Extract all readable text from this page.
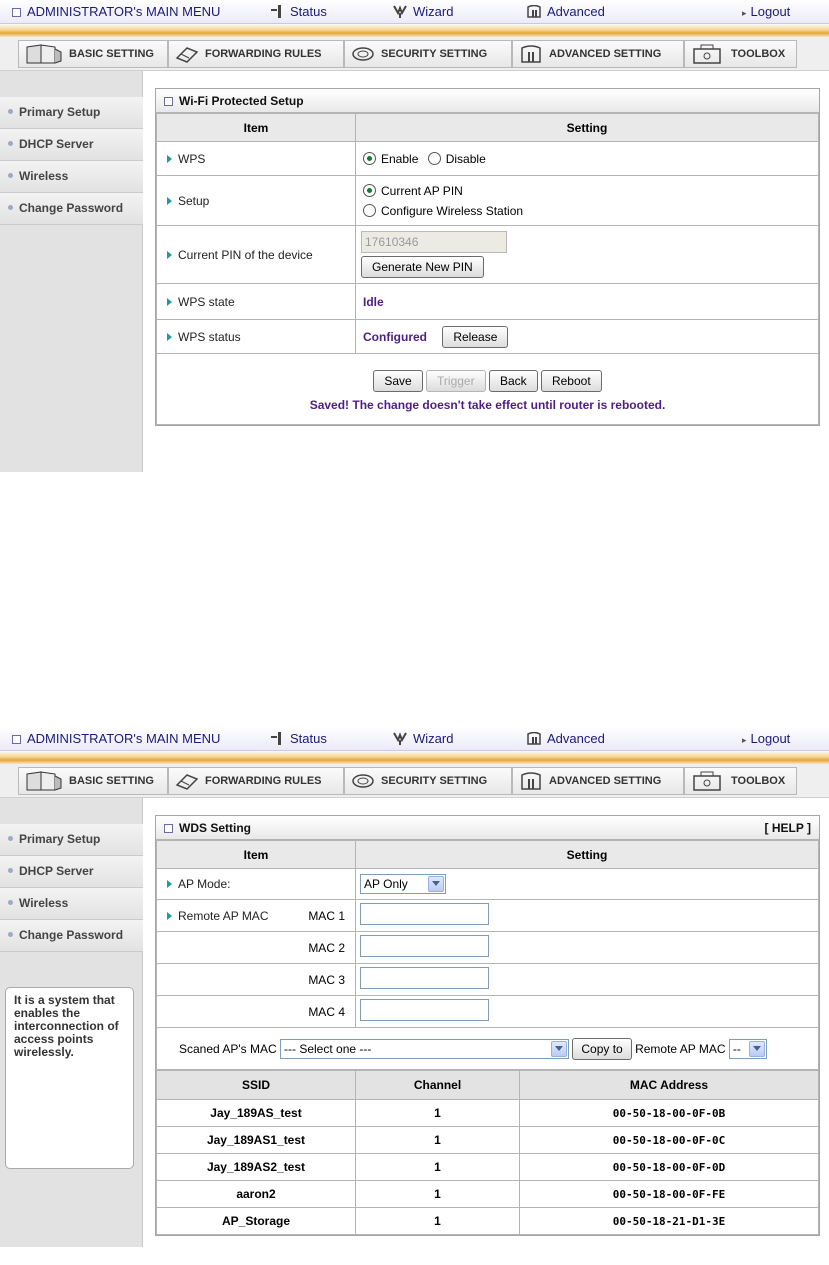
ADMINISTRATOR's MAIN MENU	Status	Wizard	Advanced	▸ Logout
BASIC SETTING	FORWARDING RULES	SECURITY SETTING	ADVANCED SETTING	TOOLBOX
Primary Setup
DHCP Server
Wireless
Change Password
Wi-Fi Protected Setup
Item	Setting
WPS	Enable Disable
Setup	Current AP PIN
Configure Wireless Station

Current PIN of the device	17610346
Generate New PIN
WPS state	Idle
WPS status	Configured Release

Save Trigger Back Reboot
Saved! The change doesn't take effect until router is rebooted.	
ADMINISTRATOR's MAIN MENU	Status	Wizard	Advanced	▸ Logout
BASIC SETTING	FORWARDING RULES	SECURITY SETTING	ADVANCED SETTING	TOOLBOX
Primary Setup
DHCP Server
Wireless
Change Password
It is a system that enables the interconnection of access points wirelessly.
WDS Setting	[ HELP ]
Item	Setting
AP Mode:	AP Only

Remote AP MAC MAC 1	

MAC 2	
MAC 3	
MAC 4	
Scaned AP's MAC --- Select one --- Copy to Remote AP MAC --	
SSID	Channel	MAC Address
Jay_189AS_test	1	00-50-18-00-0F-0B
Jay_189AS1_test	1	00-50-18-00-0F-0C
Jay_189AS2_test	1	00-50-18-00-0F-0D
aaron2	1	00-50-18-00-0F-FE
AP_Storage	1	00-50-18-21-D1-3E
